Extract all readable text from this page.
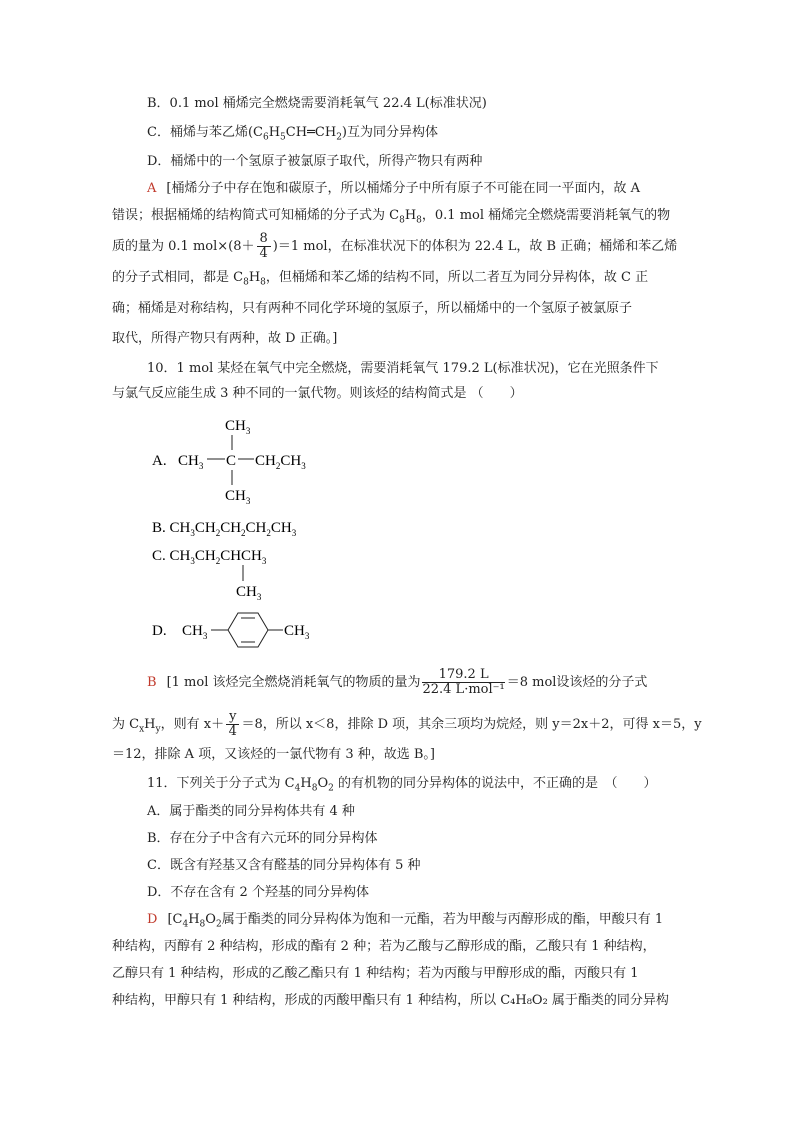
B．0.1 mol 桶烯完全燃烧需要消耗氧气 22.4 L(标准状况)
C．桶烯与苯乙烯$(C_6H_5CH═CH_2)$互为同分异构体
D．桶烯中的一个氢原子被氯原子取代，所得产物只有两种
A [桶烯分子中存在饱和碳原子，所以桶烯分子中所有原子不可能在同一平面内，故 A
错误；根据桶烯的结构简式可知桶烯的分子式为 $C_8H_8$，0.1 mol 桶烯完全燃烧需要消耗氧气的物
质的量为 0.1 $mol\times(8+ \frac{8}{4} )=1$ mol，在标准状况下的体积为 22.4 L，故 B 正确；桶烯和苯乙烯
的分子式相同，都是 $C_8H_8$，但桶烯和苯乙烯的结构不同，所以二者互为同分异构体，故 C 正
确；桶烯是对称结构，只有两种不同化学环境的氢原子，所以桶烯中的一个氢原子被氯原子
取代，所得产物只有两种，故 D 正确。]
10．1 mol 某烃在氧气中完全燃烧，需要消耗氧气 179.2 L(标准状况)，它在光照条件下
与氯气反应能生成 3 种不同的一氯代物。则该烃的结构简式是 （　　）
A.
$CH_3$
$CH_3$ C $CH_2CH_3$
$CH_3$
B. $CH_3CH_2CH_2CH_2CH_3$
C. $CH_3CH_2CHCH_3$
$CH_3$
D. $CH_3$	$CH_3$
B [1 mol 该烃完全燃烧消耗氧气的物质的量为 $\frac{179.2 L}{\text{22.4 L·mol⁻¹}} =8$ mol设该烃的分子式
为 $C_xH_y$，则有 $x+ \frac{y}{4} =8$，所以 x＜8，排除 D 项，其余三项均为烷烃，则 y＝2x＋2，可得 x＝5，y
＝12，排除 A 项，又该烃的一氯代物有 3 种，故选 B。]
11．下列关于分子式为 $C_4H_8O_2$ 的有机物的同分异构体的说法中，不正确的是　（　　）
A．属于酯类的同分异构体共有 4 种
B．存在分子中含有六元环的同分异构体
C．既含有羟基又含有醛基的同分异构体有 5 种
D．不存在含有 2 个羟基的同分异构体
D [$C_4H_8O_2$属于酯类的同分异构体为饱和一元酯，若为甲酸与丙醇形成的酯，甲酸只有 1
种结构，丙醇有 2 种结构，形成的酯有 2 种；若为乙酸与乙醇形成的酯，乙酸只有 1 种结构，
乙醇只有 1 种结构，形成的乙酸乙酯只有 1 种结构；若为丙酸与甲醇形成的酯，丙酸只有 1
种结构，甲醇只有 1 种结构，形成的丙酸甲酯只有 1 种结构，所以 C₄H₈O₂ 属于酯类的同分异构
